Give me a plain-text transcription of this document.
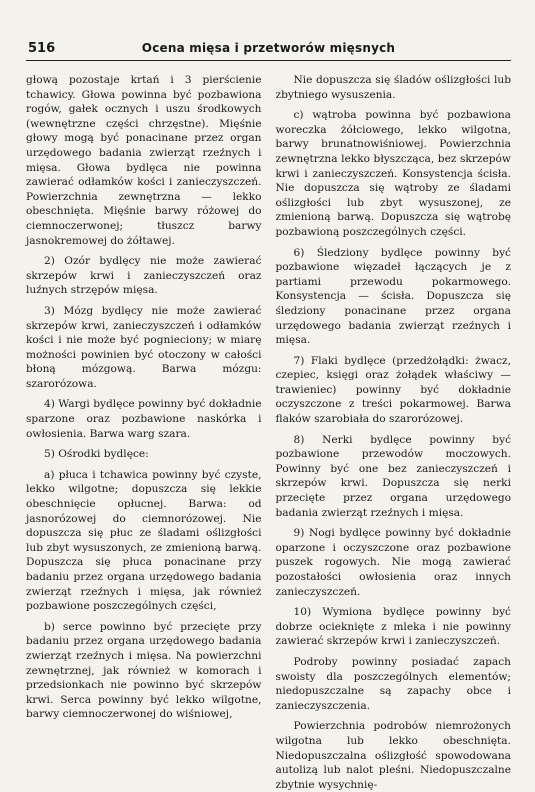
516	Ocena mięsa i przetworów mięsnych

głową pozostaje krtań i 3 pierścienie tchawicy. Głowa powinna być pozbawiona rogów, gałek ocznych i uszu środkowych (wewnętrzne części chrzęstne). Mięśnie głowy mogą być ponacinane przez organ urzędowego badania zwierząt rzeźnych i mięsa. Głowa bydlęca nie powinna zawierać odłamków kości i zanieczyszczeń. Powierzchnia zewnętrzna — lekko obeschnięta. Mięśnie barwy różowej do ciemnoczerwonej; tłuszcz barwy jasnokremowej do żółtawej.

2) Ozór bydlęcy nie może zawierać skrzepów krwi i zanieczyszczeń oraz luźnych strzępów mięsa.

3) Mózg bydlęcy nie może zawierać skrzepów krwi, zanieczyszczeń i odłamków kości i nie może być pognieciony; w miarę możności powinien być otoczony w całości błoną mózgową. Barwa mózgu: szarorózowa.

4) Wargi bydlęce powinny być dokładnie sparzone oraz pozbawione naskórka i owłosienia. Barwa warg szara.

5) Ośrodki bydlęce:

a) płuca i tchawica powinny być czyste, lekko wilgotne; dopuszcza się lekkie obeschnięcie opłucnej. Barwa: od jasnorózowej do ciemnorózowej. Nie dopuszcza się płuc ze śladami oślizgłości lub zbyt wysuszonych, ze zmienioną barwą. Dopuszcza się płuca ponacinane przy badaniu przez organa urzędowego badania zwierząt rzeźnych i mięsa, jak również pozbawione poszczególnych części,

b) serce powinno być przecięte przy badaniu przez organa urzędowego badania zwierząt rzeźnych i mięsa. Na powierzchni zewnętrznej, jak również w komorach i przedsionkach nie powinno być skrzepów krwi. Serca powinny być lekko wilgotne, barwy ciemnoczerwonej do wiśniowej,

Nie dopuszcza się śladów oślizgłości lub zbytniego wysuszenia.

c) wątroba powinna być pozbawiona woreczka żółciowego, lekko wilgotna, barwy brunatnowiśniowej. Powierzchnia zewnętrzna lekko błyszcząca, bez skrzepów krwi i zanieczyszczeń. Konsystencja ścisła. Nie dopuszcza się wątroby ze śladami oślizgłości lub zbyt wysuszonej, ze zmienioną barwą. Dopuszcza się wątrobę pozbawioną poszczególnych części.

6) Śledziony bydlęce powinny być pozbawione więzadeł łączących je z partiami przewodu pokarmowego. Konsystencja — ścisła. Dopuszcza się śledziony ponacinane przez organa urzędowego badania zwierząt rzeźnych i mięsa.

7) Flaki bydlęce (przedżołądki: żwacz, czepiec, księgi oraz żołądek właściwy — trawieniec) powinny być dokładnie oczyszczone z treści pokarmowej. Barwa flaków szarobiała do szarorózowej.

8) Nerki bydlęce powinny być pozbawione przewodów moczowych. Powinny być one bez zanieczyszczeń i skrzepów krwi. Dopuszcza się nerki przecięte przez organa urzędowego badania zwierząt rzeźnych i mięsa.

9) Nogi bydlęce powinny być dokładnie oparzone i oczyszczone oraz pozbawione puszek rogowych. Nie mogą zawierać pozostałości owłosienia oraz innych zanieczyszczeń.

10) Wymiona bydlęce powinny być dobrze ocieknięte z mleka i nie powinny zawierać skrzepów krwi i zanieczyszczeń.

Podroby powinny posiadać zapach swoisty dla poszczególnych elementów; niedopuszczalne są zapachy obce i zanieczyszczenia.

Powierzchnia podrobów niemrożonych wilgotna lub lekko obeschnięta. Niedopuszczalna oślizgłość spowodowana autolizą lub nalot pleśni. Niedopuszczalne zbytnie wysychnię-
